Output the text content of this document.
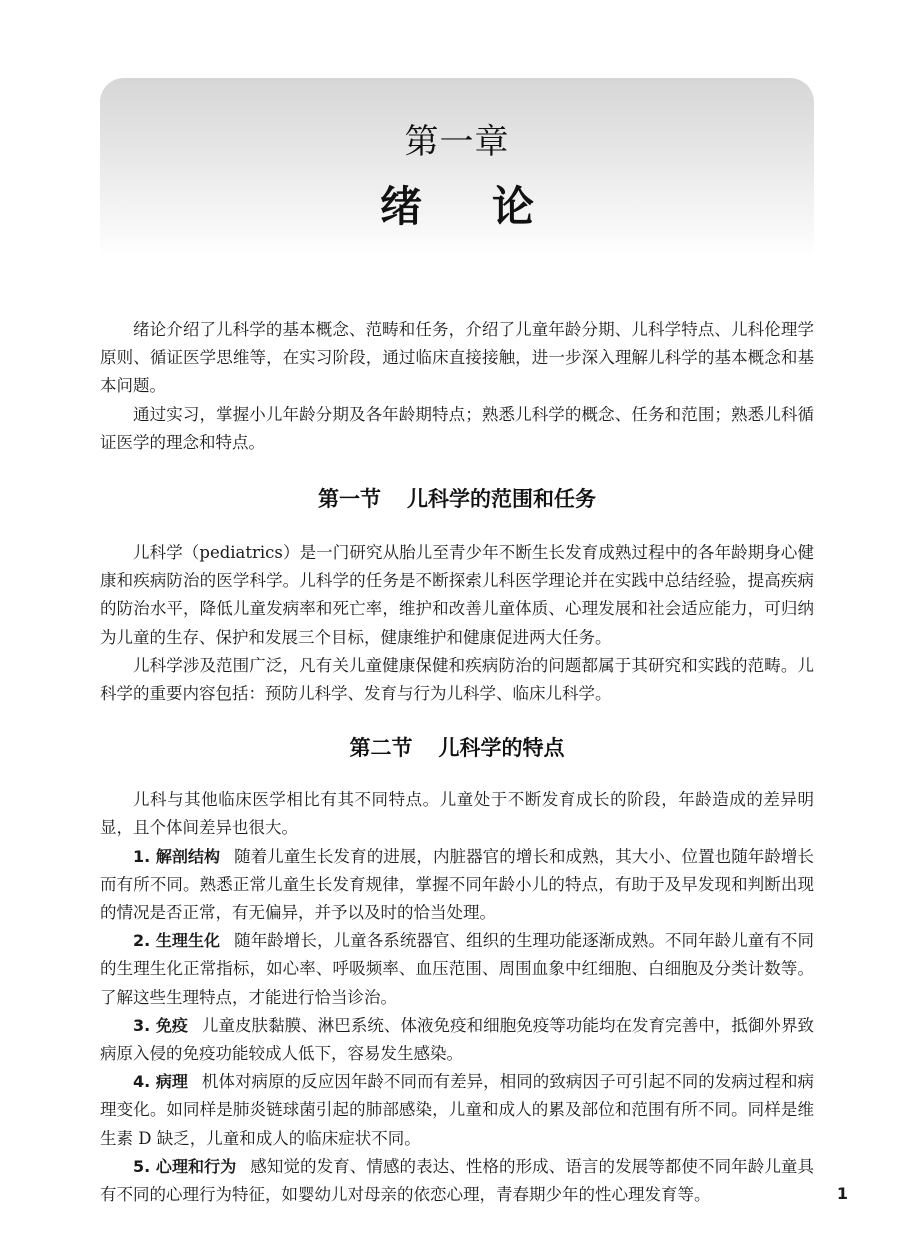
第一章
绪论

绪论介绍了儿科学的基本概念、范畴和任务，介绍了儿童年龄分期、儿科学特点、儿科伦理学原则、循证医学思维等，在实习阶段，通过临床直接接触，进一步深入理解儿科学的基本概念和基本问题。

通过实习，掌握小儿年龄分期及各年龄期特点；熟悉儿科学的概念、任务和范围；熟悉儿科循证医学的理念和特点。

第一节 儿科学的范围和任务

儿科学（pediatrics）是一门研究从胎儿至青少年不断生长发育成熟过程中的各年龄期身心健康和疾病防治的医学科学。儿科学的任务是不断探索儿科医学理论并在实践中总结经验，提高疾病的防治水平，降低儿童发病率和死亡率，维护和改善儿童体质、心理发展和社会适应能力，可归纳为儿童的生存、保护和发展三个目标，健康维护和健康促进两大任务。

儿科学涉及范围广泛，凡有关儿童健康保健和疾病防治的问题都属于其研究和实践的范畴。儿科学的重要内容包括：预防儿科学、发育与行为儿科学、临床儿科学。

第二节 儿科学的特点

儿科与其他临床医学相比有其不同特点。儿童处于不断发育成长的阶段，年龄造成的差异明显，且个体间差异也很大。

1. 解剖结构 随着儿童生长发育的进展，内脏器官的增长和成熟，其大小、位置也随年龄增长而有所不同。熟悉正常儿童生长发育规律，掌握不同年龄小儿的特点，有助于及早发现和判断出现的情况是否正常，有无偏异，并予以及时的恰当处理。

2. 生理生化 随年龄增长，儿童各系统器官、组织的生理功能逐渐成熟。不同年龄儿童有不同的生理生化正常指标，如心率、呼吸频率、血压范围、周围血象中红细胞、白细胞及分类计数等。了解这些生理特点，才能进行恰当诊治。

3. 免疫 儿童皮肤黏膜、淋巴系统、体液免疫和细胞免疫等功能均在发育完善中，抵御外界致病原入侵的免疫功能较成人低下，容易发生感染。

4. 病理 机体对病原的反应因年龄不同而有差异，相同的致病因子可引起不同的发病过程和病理变化。如同样是肺炎链球菌引起的肺部感染，儿童和成人的累及部位和范围有所不同。同样是维生素 D 缺乏，儿童和成人的临床症状不同。

5. 心理和行为 感知觉的发育、情感的表达、性格的形成、语言的发展等都使不同年龄儿童具有不同的心理行为特征，如婴幼儿对母亲的依恋心理，青春期少年的性心理发育等。	1
